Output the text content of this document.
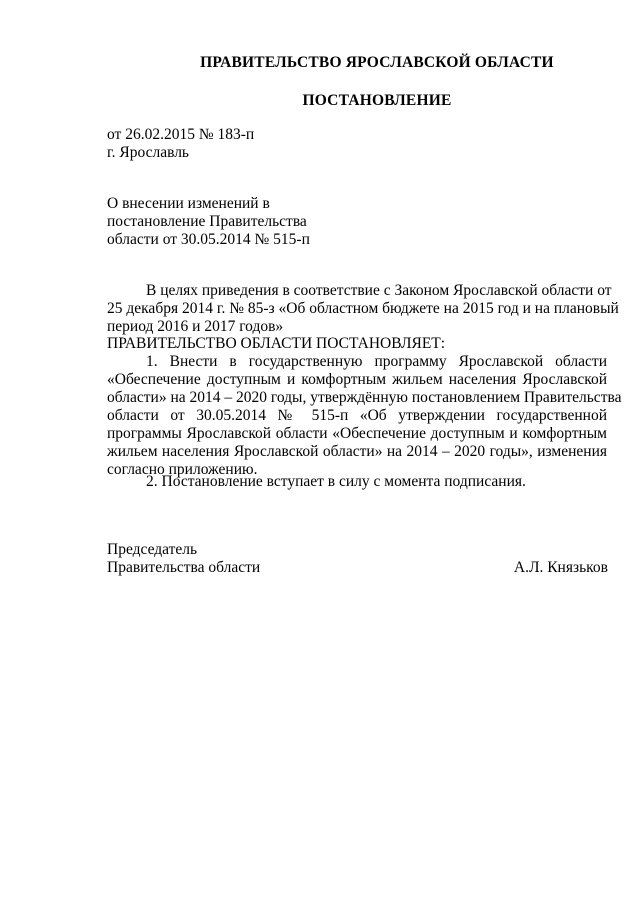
ПРАВИТЕЛЬСТВО ЯРОСЛАВСКОЙ ОБЛАСТИ
ПОСТАНОВЛЕНИЕ
от 26.02.2015 № 183-п
г. Ярославль
О внесении изменений в
постановление Правительства
области от 30.05.2014 № 515-п
В целях приведения в соответствие с Законом Ярославской области от
25 декабря 2014 г. № 85-з «Об областном бюджете на 2015 год и на плановый
период 2016 и 2017 годов»
ПРАВИТЕЛЬСТВО ОБЛАСТИ ПОСТАНОВЛЯЕТ:
1. Внести в государственную программу Ярославской области
«Обеспечение доступным и комфортным жильем населения Ярославской
области» на 2014 – 2020 годы, утверждённую постановлением Правительства
области от 30.05.2014 № 515-п «Об утверждении государственной
программы Ярославской области «Обеспечение доступным и комфортным
жильем населения Ярославской области» на 2014 – 2020 годы», изменения
согласно приложению.
2. Постановление вступает в силу с момента подписания.
Председатель
Правительства области	А.Л. Князьков
